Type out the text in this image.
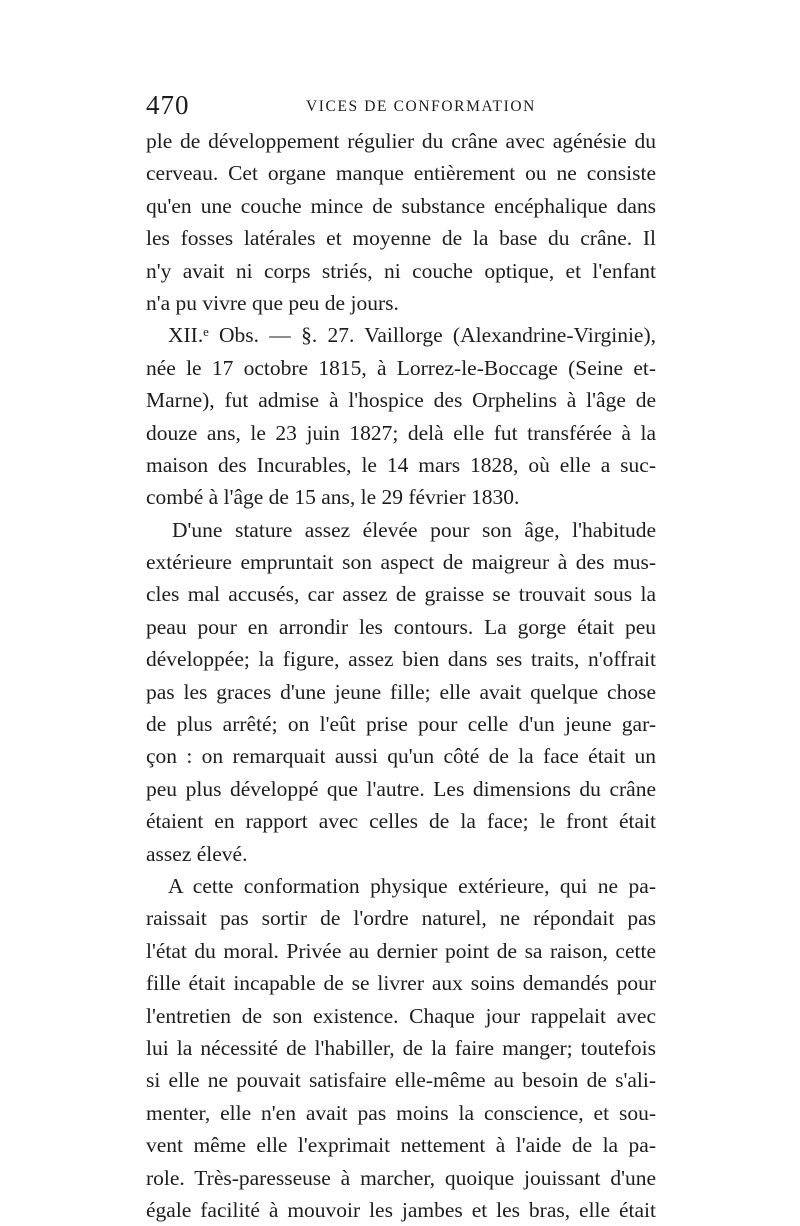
470	VICES DE CONFORMATION
ple de développement régulier du crâne avec agénésie du
cerveau. Cet organe manque entièrement ou ne consiste
qu'en une couche mince de substance encéphalique dans
les fosses latérales et moyenne de la base du crâne. Il
n'y avait ni corps striés, ni couche optique, et l'enfant
n'a pu vivre que peu de jours.
XII.ᵉ Obs. — §. 27. Vaillorge (Alexandrine-Virginie),
née le 17 octobre 1815, à Lorrez-le-Boccage (Seine et-
Marne), fut admise à l'hospice des Orphelins à l'âge de
douze ans, le 23 juin 1827; delà elle fut transférée à la
maison des Incurables, le 14 mars 1828, où elle a suc-
combé à l'âge de 15 ans, le 29 février 1830.
D'une stature assez élevée pour son âge, l'habitude
extérieure empruntait son aspect de maigreur à des mus-
cles mal accusés, car assez de graisse se trouvait sous la
peau pour en arrondir les contours. La gorge était peu
développée; la figure, assez bien dans ses traits, n'offrait
pas les graces d'une jeune fille; elle avait quelque chose
de plus arrêté; on l'eût prise pour celle d'un jeune gar-
çon : on remarquait aussi qu'un côté de la face était un
peu plus développé que l'autre. Les dimensions du crâne
étaient en rapport avec celles de la face; le front était
assez élevé.
A cette conformation physique extérieure, qui ne pa-
raissait pas sortir de l'ordre naturel, ne répondait pas
l'état du moral. Privée au dernier point de sa raison, cette
fille était incapable de se livrer aux soins demandés pour
l'entretien de son existence. Chaque jour rappelait avec
lui la nécessité de l'habiller, de la faire manger; toutefois
si elle ne pouvait satisfaire elle-même au besoin de s'ali-
menter, elle n'en avait pas moins la conscience, et sou-
vent même elle l'exprimait nettement à l'aide de la pa-
role. Très-paresseuse à marcher, quoique jouissant d'une
égale facilité à mouvoir les jambes et les bras, elle était
